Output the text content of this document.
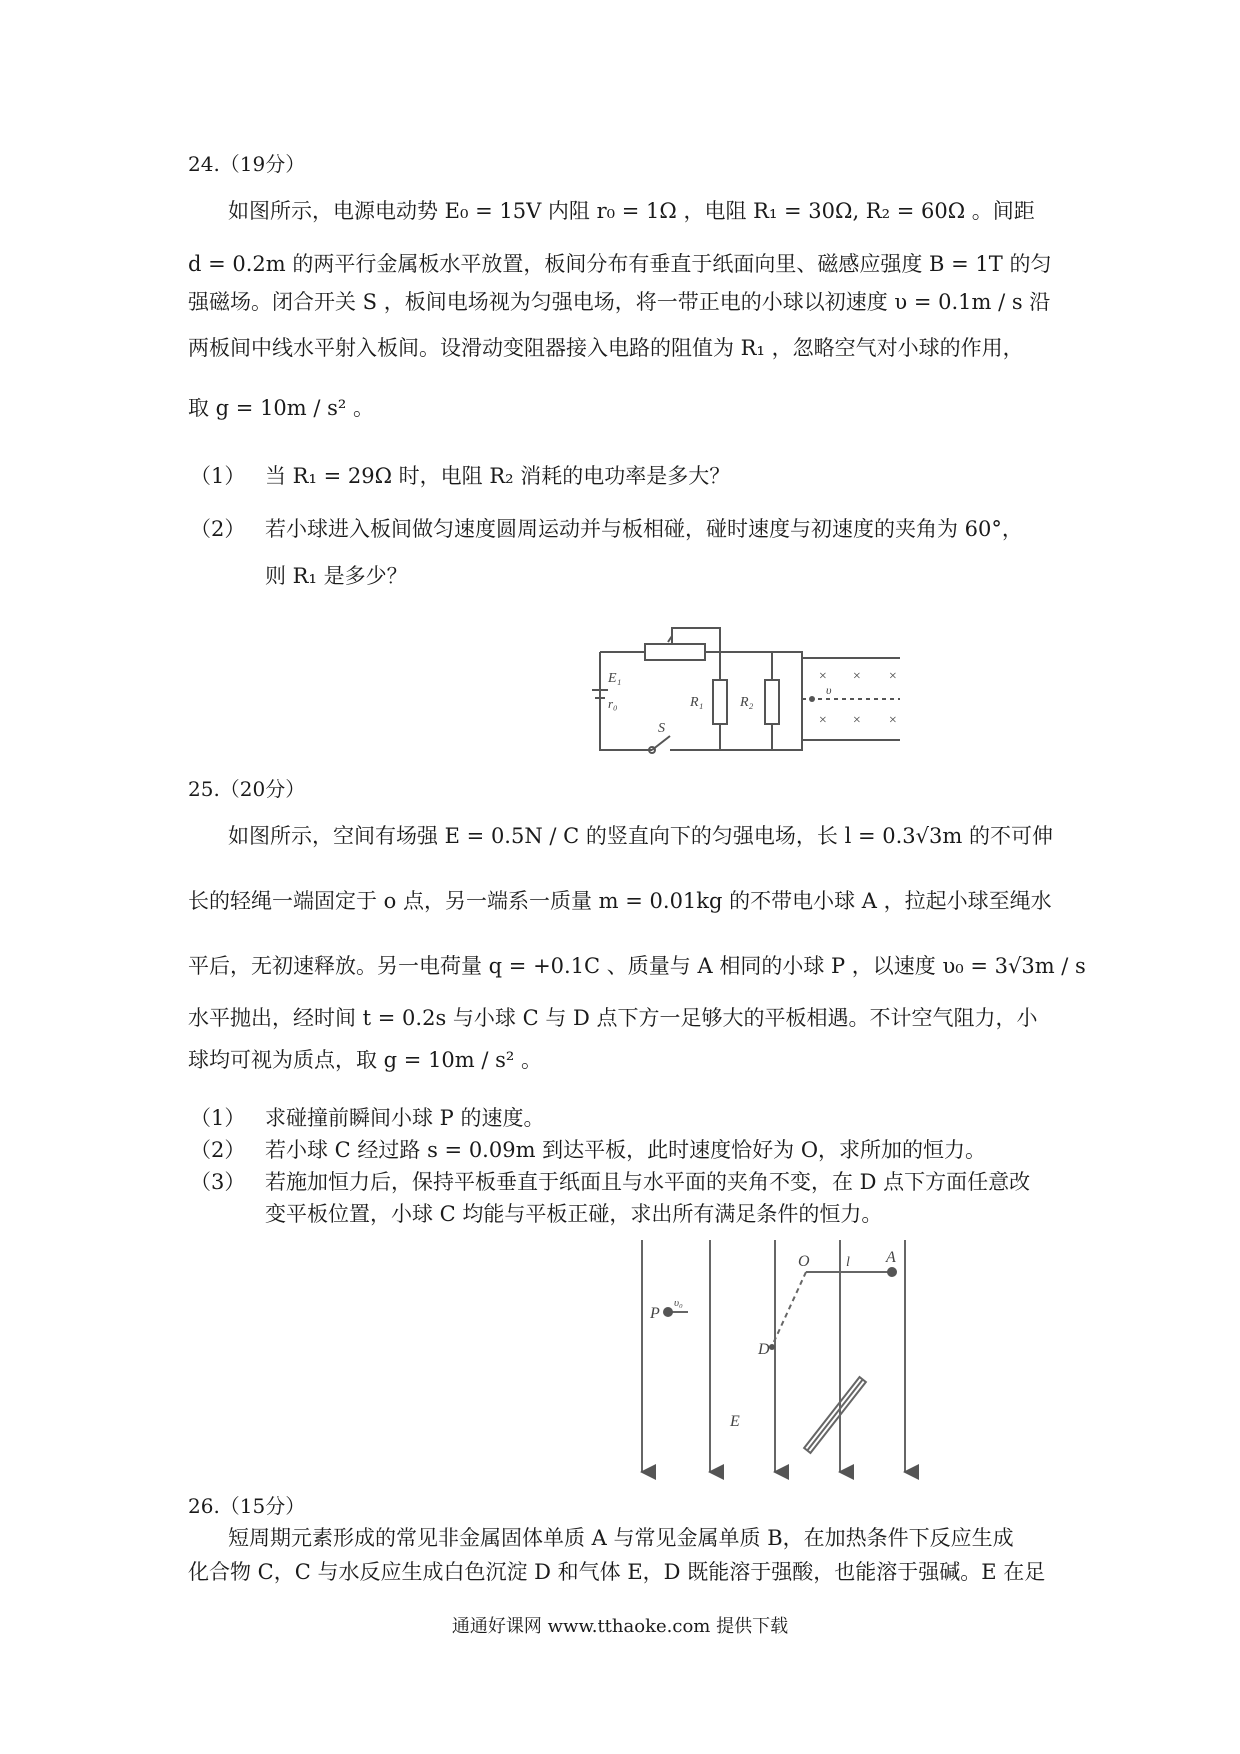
24.（19分）
如图所示，电源电动势 E₀ = 15V 内阻 r₀ = 1Ω ，电阻 R₁ = 30Ω, R₂ = 60Ω 。间距
d = 0.2m 的两平行金属板水平放置，板间分布有垂直于纸面向里、磁感应强度 B = 1T 的匀
强磁场。闭合开关 S ，板间电场视为匀强电场，将一带正电的小球以初速度 υ = 0.1m / s 沿
两板间中线水平射入板间。设滑动变阻器接入电路的阻值为 R₁ ，忽略空气对小球的作用，
取 g = 10m / s² 。
（1） 当 R₁ = 29Ω 时，电阻 R₂ 消耗的电功率是多大？
（2） 若小球进入板间做匀速度圆周运动并与板相碰，碰时速度与初速度的夹角为 60°，
则 R₁ 是多少？
× × ×
× × ×
E₁
r₀	R₁	R₂
S
υ
25.（20分）
如图所示，空间有场强 E = 0.5N / C 的竖直向下的匀强电场，长 l = 0.3√3m 的不可伸
长的轻绳一端固定于 o 点，另一端系一质量 m = 0.01kg 的不带电小球 A ，拉起小球至绳水
平后，无初速释放。另一电荷量 q = +0.1C 、质量与 A 相同的小球 P ，以速度 υ₀ = 3√3m / s
水平抛出，经时间 t = 0.2s 与小球 C 与 D 点下方一足够大的平板相遇。不计空气阻力，小
球均可视为质点，取 g = 10m / s² 。
（1） 求碰撞前瞬间小球 P 的速度。
（2） 若小球 C 经过路 s = 0.09m 到达平板，此时速度恰好为 O，求所加的恒力。
（3） 若施加恒力后，保持平板垂直于纸面且与水平面的夹角不变，在 D 点下方面任意改
变平板位置，小球 C 均能与平板正碰，求出所有满足条件的恒力。
P
υ₀
O	l A
D
E
26.（15分）
短周期元素形成的常见非金属固体单质 A 与常见金属单质 B，在加热条件下反应生成
化合物 C，C 与水反应生成白色沉淀 D 和气体 E，D 既能溶于强酸，也能溶于强碱。E 在足
通通好课网 www.tthaoke.com 提供下载
